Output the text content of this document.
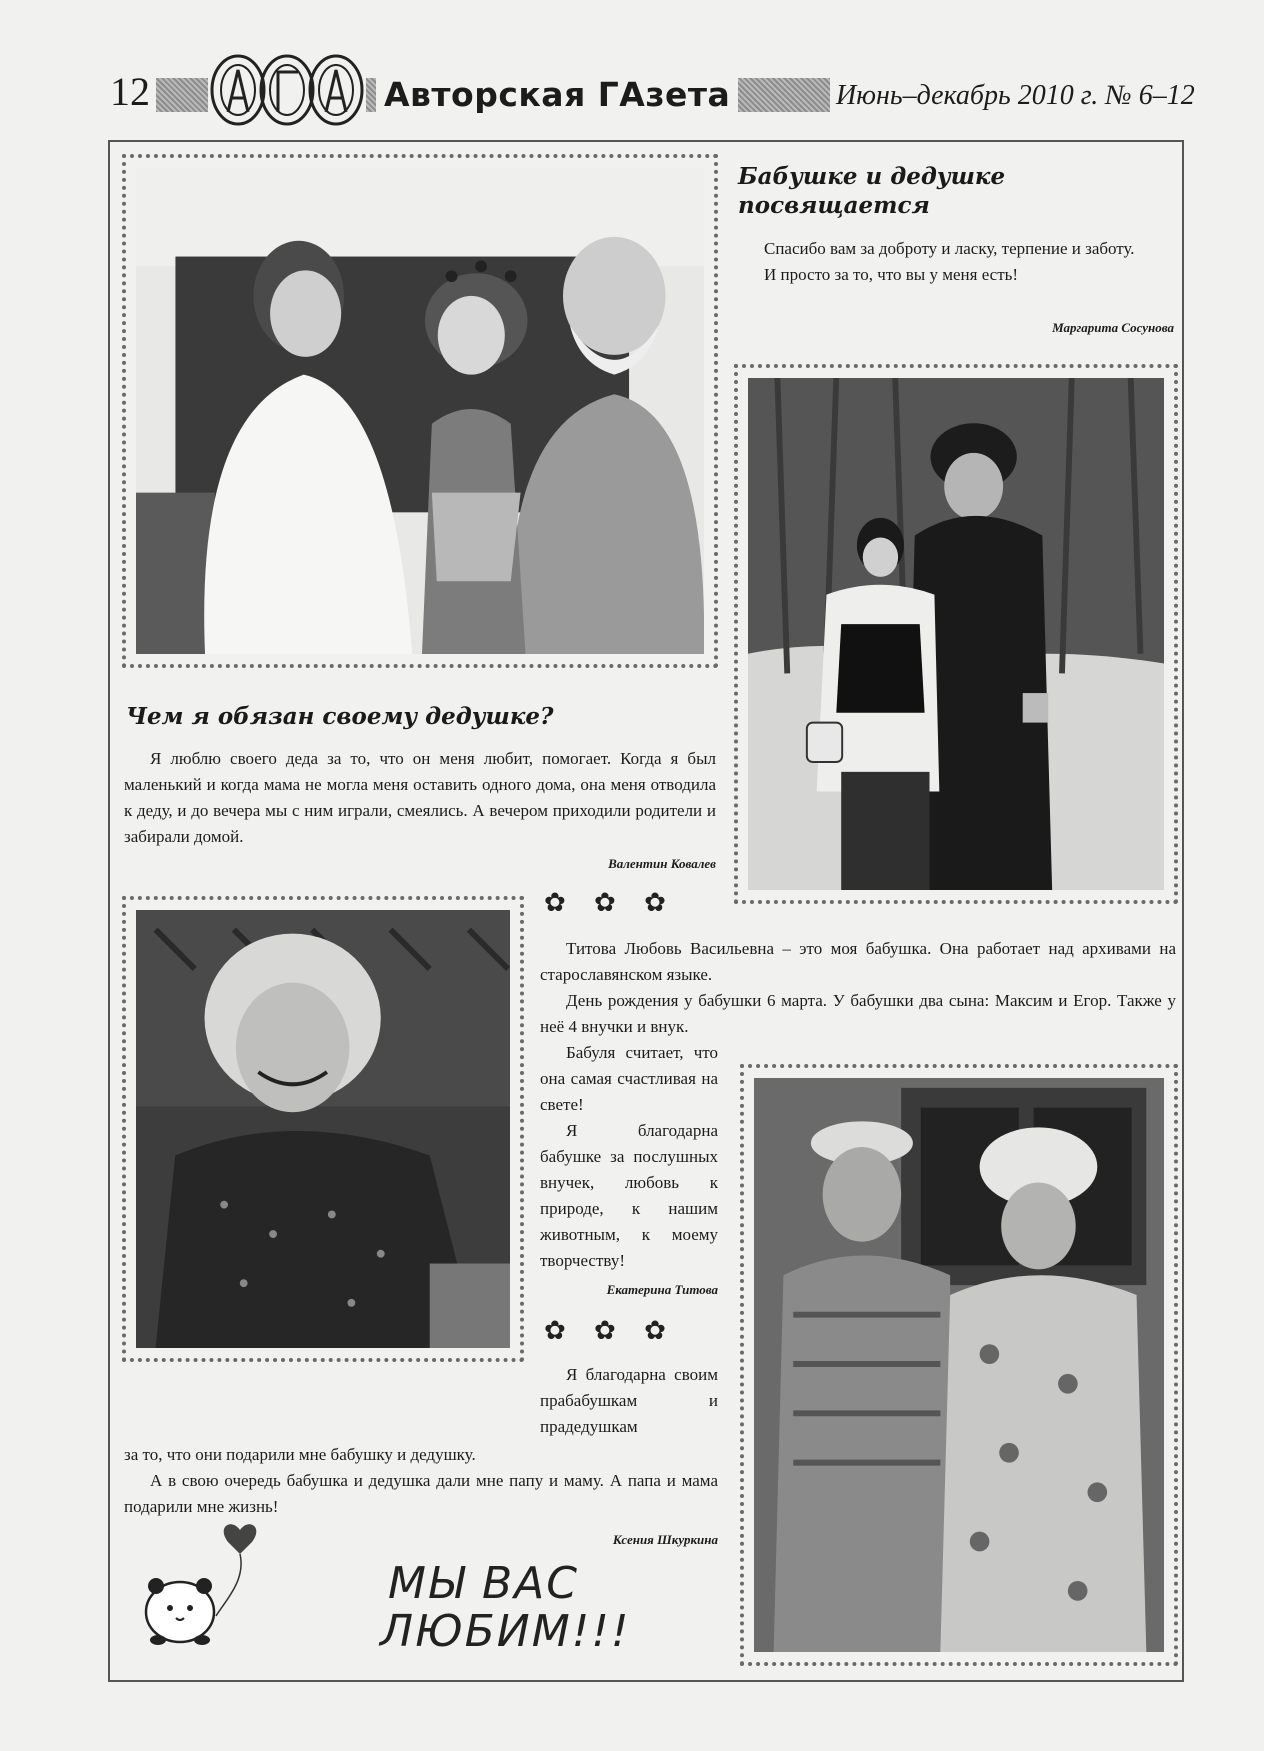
12	Авторская ГАзета	Июнь–декабрь 2010 г. № 6–12
Бабушке и дедушке посвящается

Спасибо вам за доброту и ласку, терпение и заботу.

И просто за то, что вы у меня есть!

Маргарита Сосунова
Чем я обязан своему дедушке?

Я люблю своего деда за то, что он меня любит, помогает. Когда я был маленький и когда мама не могла меня оставить одного дома, она меня отводила к деду, и до вечера мы с ним играли, смеялись. А вечером приходили родители и забирали домой.

Валентин Ковалев
✿ ✿ ✿

Титова Любовь Васильевна – это моя бабушка. Она работает над архивами на старославянском языке.

День рождения у бабушки 6 марта. У бабушки два сына: Максим и Егор. Также у неё 4 внучки и внук.

Бабуля считает, что она самая счастливая на свете!

Я благодарна бабушке за послушных внучек, любовь к природе, к нашим животным, к моему творчеству!

Екатерина Титова
✿ ✿ ✿

Я благодарна своим прабабушкам и прадедушкам

за то, что они подарили мне бабушку и дедушку.

А в свою очередь бабушка и дедушка дали мне папу и маму. А папа и мама подарили мне жизнь!

Ксения Шкуркина
МЫ ВАС
ЛЮБИМ!!!
